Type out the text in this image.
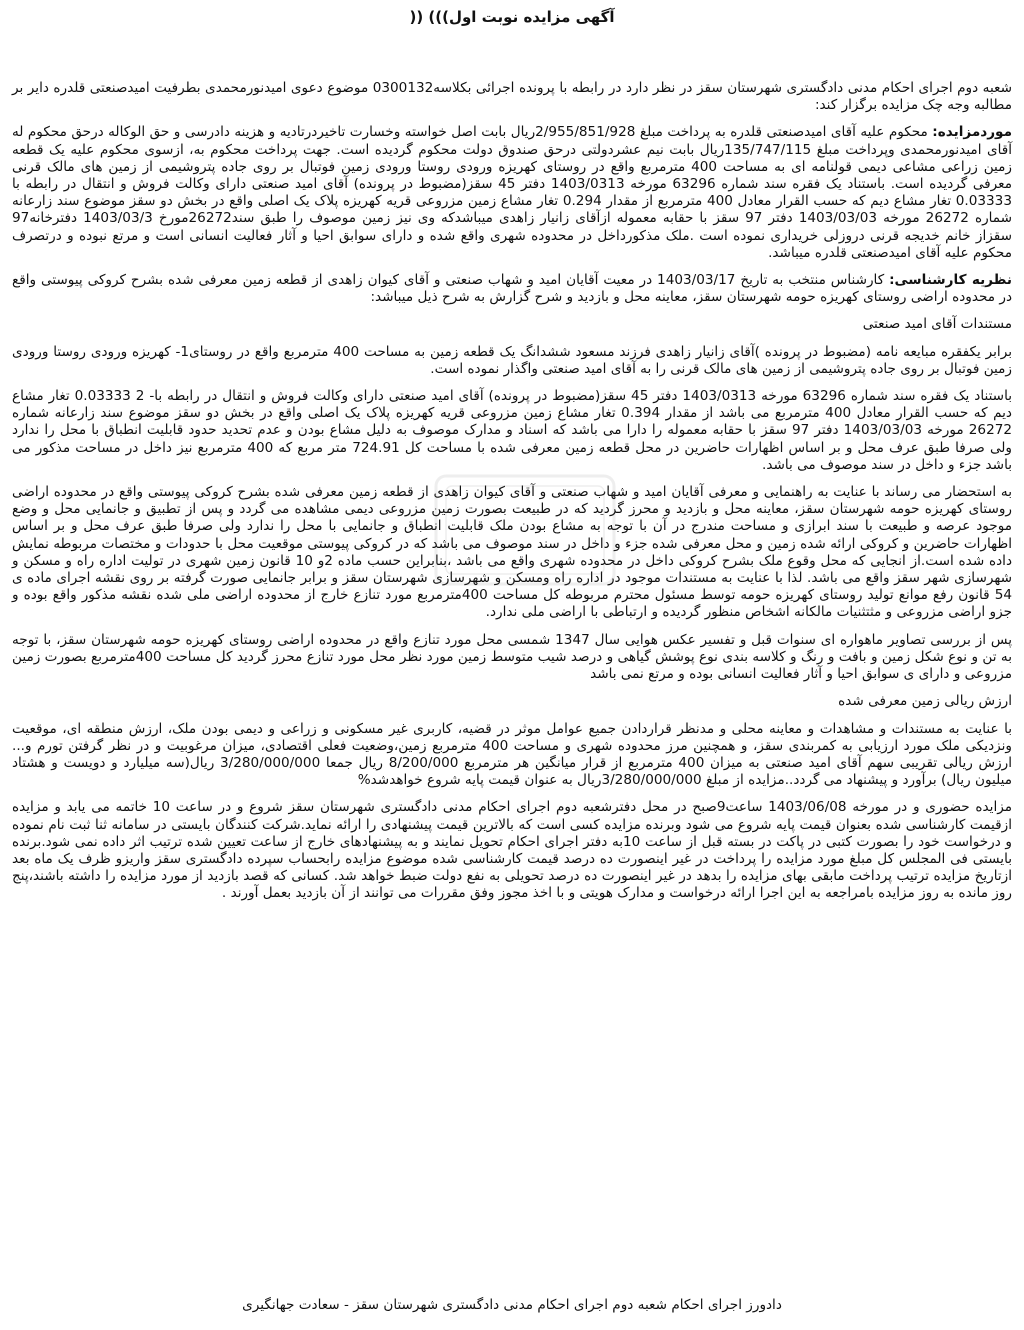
آگهی مزایده نوبت اول))) ((

شعبه دوم اجرای احکام مدنی دادگستری شهرستان سقز در نظر دارد در رابطه با پرونده اجرائی بکلاسه0300132 موضوع دعوی امیدنورمحمدی بطرفیت امیدصنعتی قلدره دایر بر مطالبه وجه چک مزایده برگزار کند:

موردمزایده: محکوم علیه آقای امیدصنعتی قلدره به پرداخت مبلغ 2/955/851/928ریال بابت اصل خواسته وخسارت تاخیردرتادیه و هزینه دادرسی و حق الوکاله درحق محکوم له آقای امیدنورمحمدی وپرداخت مبلغ 135/747/115ریال بابت نیم عشردولتی درحق صندوق دولت محکوم گردیده است. جهت پرداخت محکوم به، ازسوی محکوم علیه یک قطعه زمین زراعی مشاعی دیمی قولنامه ای به مساحت 400 مترمربع واقع در روستای کهریزه ورودی روستا ورودی زمین فوتبال بر روی جاده پتروشیمی از زمین های مالک قرنی معرفی گردیده است. باستناد یک فقره سند شماره 63296 مورخه 1403/0313 دفتر 45 سقز(مضبوط در پرونده) آقای امید صنعتی دارای وکالت فروش و انتقال در رابطه با 0.03333 تغار مشاع دیم که حسب القرار معادل 400 مترمربع از مقدار 0.294 تغار مشاع زمین مزروعی قریه کهریزه پلاک یک اصلی واقع در بخش دو سقز موضوع سند زارعانه شماره 26272 مورخه 1403/03/03 دفتر 97 سقز با حقابه معموله ازآقای زانیار زاهدی میباشدکه وی نیز زمین موصوف را طبق سند26272مورخ 1403/03/3 دفترخانه97 سقزاز خانم خدیجه قرنی دروزلی خریداری نموده است .ملک مذکورداخل در محدوده شهری واقع شده و دارای سوابق احیا و آثار فعالیت انسانی است و مرتع نبوده و درتصرف محکوم علیه آقای امیدصنعتی قلدره میباشد.

نظریه کارشناسی: کارشناس منتخب به تاریخ 1403/03/17 در معیت آقایان امید و شهاب صنعتی و آقای کیوان زاهدی از قطعه زمین معرفی شده بشرح کروکی پیوستی واقع در محدوده اراضی روستای کهریزه حومه شهرستان سقز، معاینه محل و بازدید و شرح گزارش به شرح ذیل میباشد:

مستندات آقای امید صنعتی

برابر یکفقره مبایعه نامه (مضبوط در پرونده )آقای زانیار زاهدی فرزند مسعود ششدانگ یک قطعه زمین به مساحت 400 مترمربع واقع در روستای1- کهریزه ورودی روستا ورودی زمین فوتبال بر روی جاده پتروشیمی از زمین های مالک قرنی را به آقای امید صنعتی واگذار نموده است.

باستناد یک فقره سند شماره 63296 مورخه 1403/0313 دفتر 45 سقز(مضبوط در پرونده) آقای امید صنعتی دارای وکالت فروش و انتقال در رابطه با- 2 0.03333 تغار مشاع دیم که حسب القرار معادل 400 مترمربع می باشد از مقدار 0.394 تغار مشاع زمین مزروعی قریه کهریزه پلاک یک اصلی واقع در بخش دو سقز موضوع سند زارعانه شماره 26272 مورخه 1403/03/03 دفتر 97 سقز با حقابه معموله را دارا می باشد که اسناد و مدارک موصوف به دلیل مشاع بودن و عدم تحدید حدود قابلیت انطباق با محل را ندارد ولی صرفا طبق عرف محل و بر اساس اظهارات حاضرین در محل قطعه زمین معرفی شده با مساحت کل 724.91 متر مربع که 400 مترمربع نیز داخل در مساحت مذکور می باشد جزء و داخل در سند موصوف می باشد.

به استحضار می رساند با عنایت به راهنمایی و معرفی آقایان امید و شهاب صنعتی و آقای کیوان زاهدی از قطعه زمین معرفی شده بشرح کروکی پیوستی واقع در محدوده اراضی روستای کهریزه حومه شهرستان سقز، معاینه محل و بازدید و محرز گردید که در طبیعت بصورت زمین مزروعی دیمی مشاهده می گردد و پس از تطبیق و جانمایی محل و وضع موجود عرصه و طبیعت با سند ابرازی و مساحت مندرج در آن با توجه به مشاع بودن ملک قابلیت انطباق و جانمایی با محل را ندارد ولی صرفا طبق عرف محل و بر اساس اظهارات حاضرین و کروکی ارائه شده زمین و محل معرفی شده جزء و داخل در سند موصوف می باشد که در کروکی پیوستی موقعیت محل با حدودات و مختصات مربوطه نمایش داده شده است.از انجایی که محل وقوع ملک بشرح کروکی داخل در محدوده شهری واقع می باشد ،بنابراین حسب ماده 2و 10 قانون زمین شهری در تولیت اداره راه و مسکن و شهرسازی شهر سقز واقع می باشد. لذا با عنایت به مستندات موجود در اداره راه ومسکن و شهرسازی شهرستان سقز و برابر جانمایی صورت گرفته بر روی نقشه اجرای ماده ی 54 قانون رفع موانع تولید روستای کهریزه حومه توسط مسئول محترم مربوطه کل مساحت 400مترمربع مورد تنازع خارج از محدوده اراضی ملی شده نقشه مذکور واقع بوده و جزو اراضی مزروعی و مثتثنیات مالکانه اشخاص منظور گردیده و ارتباطی با اراضی ملی ندارد.

پس از بررسی تصاویر ماهواره ای سنوات قبل و تفسیر عکس هوایی سال 1347 شمسی محل مورد تنازع واقع در محدوده اراضی روستای کهریزه حومه شهرستان سقز، با توجه به تن و نوع شکل زمین و بافت و رنگ و کلاسه بندی نوع پوشش گیاهی و درصد شیب متوسط زمین مورد نظر محل مورد تنازع محرز گردید کل مساحت 400مترمربع بصورت زمین مزروعی و دارای ی سوابق احیا و آثار فعالیت انسانی بوده و مرتع نمی باشد

ارزش ریالی زمین معرفی شده

با عنایت به مستندات و مشاهدات و معاینه محلی و مدنظر قراردادن جمیع عوامل موثر در قضیه، کاربری غیر مسکونی و زراعی و دیمی بودن ملک، ارزش منطقه ای، موقعیت ونزدیکی ملک مورد ارزیابی به کمربندی سقز، و همچنین مرز محدوده شهری و مساحت 400 مترمربع زمین،وضعیت فعلی اقتصادی، میزان مرغوبیت و در نظر گرفتن تورم و... ارزش ریالی تقریبی سهم آقای امید صنعتی به میزان 400 مترمربع از قرار میانگین هر مترمربع 8/200/000 ریال جمعا 3/280/000/000 ریال(سه میلیارد و دویست و هشتاد میلیون ریال) برآورد و پیشنهاد می گردد..مزایده از مبلغ 3/280/000/000ریال به عنوان قیمت پایه شروع خواهدشد%

مزایده حضوری و در مورخه 1403/06/08 ساعت9صبح در محل دفترشعبه دوم اجرای احکام مدنی دادگستری شهرستان سقز شروع و در ساعت 10 خاتمه می یابد و مزایده ازقیمت کارشناسی شده بعنوان قیمت پایه شروع می شود وبرنده مزایده کسی است که بالاترین قیمت پیشنهادی را ارائه نماید.شرکت کنندگان بایستی در سامانه ثنا ثبت نام نموده و درخواست خود را بصورت کتبی در پاکت در بسته قبل از ساعت 10به دفتر اجرای احکام تحویل نمایند و به پیشنهادهای خارج از ساعت تعیین شده ترتیب اثر داده نمی شود.برنده بایستی فی المجلس کل مبلغ مورد مزایده را پرداخت در غیر اینصورت ده درصد قیمت کارشناسی شده موضوع مزایده رابحساب سپرده دادگستری سقز واریزو ظرف یک ماه بعد ازتاریخ مزایده ترتیب پرداخت مابقی بهای مزایده را بدهد در غیر اینصورت ده درصد تحویلی به نفع دولت ضبط خواهد شد. کسانی که قصد بازدید از مورد مزایده را داشته باشند،پنج روز مانده به روز مزایده بامراجعه به این اجرا ارائه درخواست و مدارک هویتی و با اخذ مجوز وفق مقررات می توانند از آن بازدید بعمل آورند .

دادورز اجرای احکام شعبه دوم اجرای احکام مدنی دادگستری شهرستان سقز - سعادت جهانگیری
